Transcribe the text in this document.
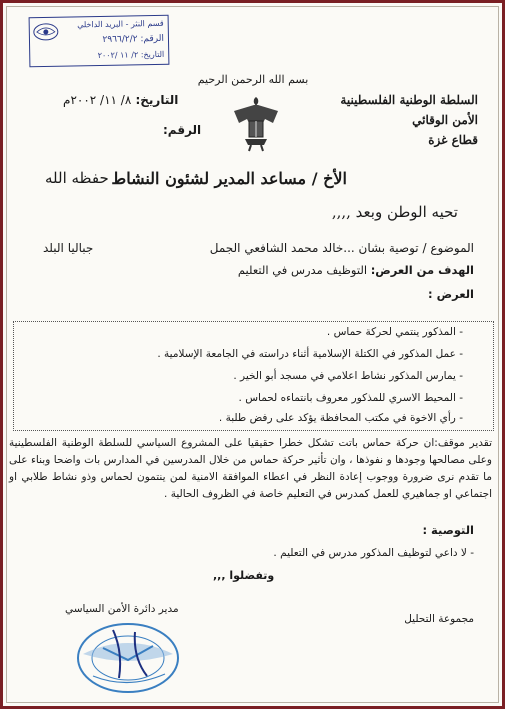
قسم النثر - البريد الداخلي
الرقم: ٢٩٦٦/٢/٢
التاريخ: ٢/ ١١ /٢٠٠٢
بسم الله الرحمن الرحيم
السلطة الوطنية الفلسطينية
الأمن الوقائي
قطاع غزة
التاريخ: ٨/ ١١/ ٢٠٠٢م
الرقم:
الأخ / مساعد المدير لشئون النشاط
حفظه الله
تحيه الوطن وبعد ,,,,
الموضوع / توصية بشان ...خالد محمد الشافعي الجمل
جباليا البلد
الهدف من العرض: التوظيف مدرس في التعليم
العرض :
- المذكور ينتمي لحركة حماس .
- عمل المذكور في الكتلة الإسلامية أثناء دراسته في الجامعة الإسلامية .
- يمارس المذكور نشاط اعلامي في مسجد أبو الخير .
- المحيط الاسري للمذكور معروف بانتماءه لحماس .
- رأي الاخوة في مكتب المحافظة يؤكد على رفض طلبة .
تقدير موقف:ان حركة حماس باتت تشكل خطرا حقيقيا على المشروع السياسي للسلطة الوطنية الفلسطينية وعلى مصالحها وجودها و نفوذها ، وان تأثير حركة حماس من خلال المدرسين في المدارس بات واضحا وبناء على ما تقدم نرى ضرورة ووجوب إعادة النظر في اعطاء الموافقة الامنية لمن ينتمون لحماس وذو نشاط طلابي او اجتماعي او جماهيري للعمل كمدرس في التعليم خاصة في الظروف الحالية .
التوصية :
- لا داعي لتوظيف المذكور مدرس في التعليم .
وتفضلوا ,,,
مجموعة التحليل
مدير دائرة الأمن السياسي
